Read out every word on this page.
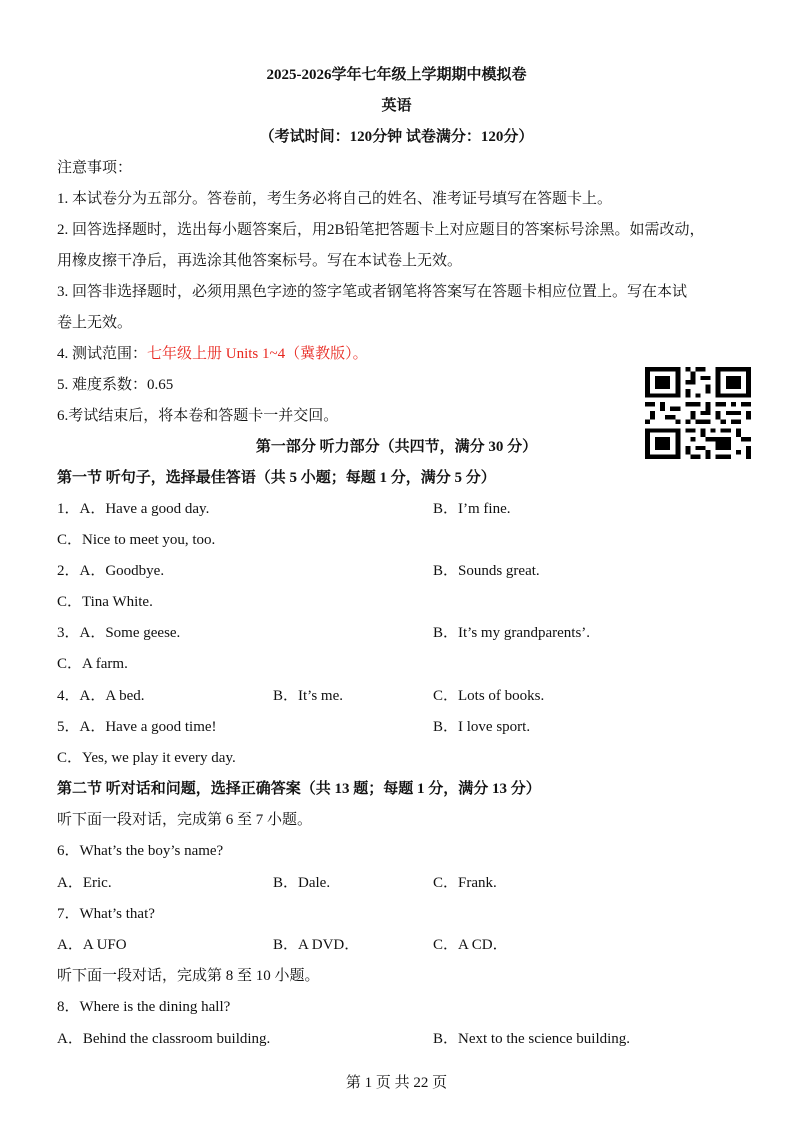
2025-2026学年七年级上学期期中模拟卷
英语
（考试时间：120分钟 试卷满分：120分）
注意事项：
1. 本试卷分为五部分。答卷前，考生务必将自己的姓名、准考证号填写在答题卡上。
2. 回答选择题时，选出每小题答案后，用2B铅笔把答题卡上对应题目的答案标号涂黑。如需改动，
用橡皮擦干净后，再选涂其他答案标号。写在本试卷上无效。
3. 回答非选择题时，必须用黑色字迹的签字笔或者钢笔将答案写在答题卡相应位置上。写在本试
卷上无效。
4. 测试范围：七年级上册 Units 1~4（冀教版）。
5. 难度系数：0.65
6.考试结束后，将本卷和答题卡一并交回。
第一部分 听力部分（共四节，满分 30 分）
第一节 听句子，选择最佳答语（共 5 小题；每题 1 分，满分 5 分）
1．A．Have a good day.	B．I’m fine.
C．Nice to meet you, too.
2．A．Goodbye.	B．Sounds great.
C．Tina White.
3．A．Some geese.	B．It’s my grandparents’.
C．A farm.
4．A．A bed.	B．It’s me.	C．Lots of books.
5．A．Have a good time!	B．I love sport.
C．Yes, we play it every day.
第二节 听对话和问题，选择正确答案（共 13 题；每题 1 分，满分 13 分）
听下面一段对话，完成第 6 至 7 小题。
6．What’s the boy’s name?
A．Eric.	B．Dale.	C．Frank.
7．What’s that?
A．A UFO	B．A DVD．	C．A CD．
听下面一段对话，完成第 8 至 10 小题。
8．Where is the dining hall?
A．Behind the classroom building.	B．Next to the science building.
第 1 页 共 22 页
